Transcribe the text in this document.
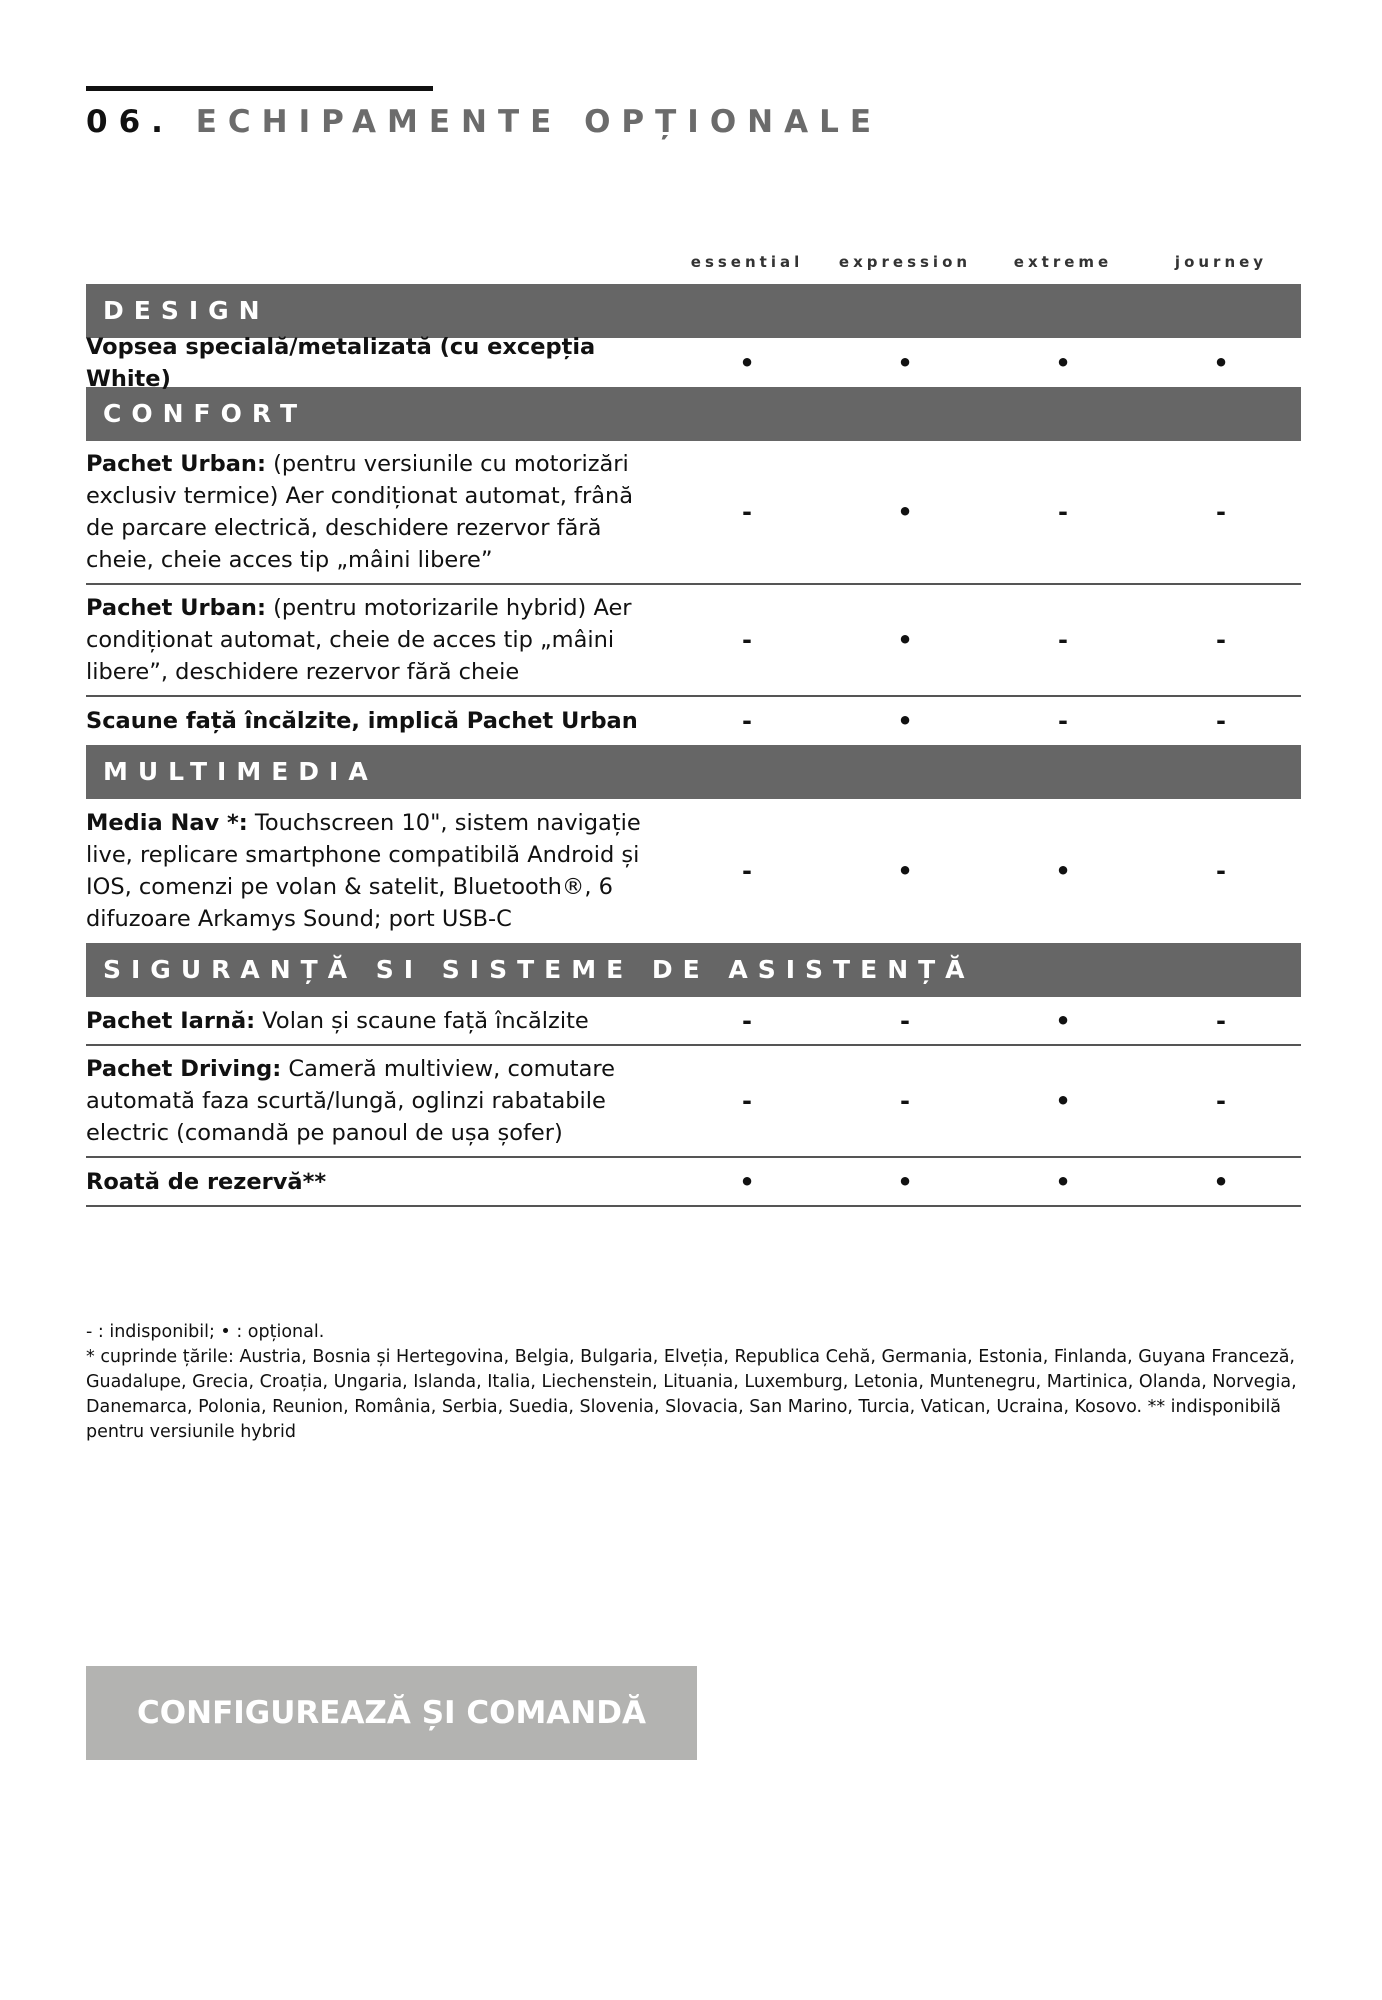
06. ECHIPAMENTE OPȚIONALE
essential	expression	extreme	journey
DESIGN
Vopsea specială/metalizată (cu excepția White)
•	•	•	•
CONFORT
Pachet Urban: (pentru versiunile cu motorizări exclusiv termice) Aer condiționat automat, frână de parcare electrică, deschidere rezervor fără cheie, cheie acces tip „mâini libere”
-	•	-	-
Pachet Urban: (pentru motorizarile hybrid) Aer condiționat automat, cheie de acces tip „mâini libere”, deschidere rezervor fără cheie
-	•	-	-
Scaune față încălzite, implică Pachet Urban	-	•	-	-
MULTIMEDIA
Media Nav *: Touchscreen 10", sistem navigație live, replicare smartphone compatibilă Android și IOS, comenzi pe volan & satelit, Bluetooth®, 6 difuzoare Arkamys Sound; port USB-C
-	•	•	-
SIGURANȚĂ SI SISTEME DE ASISTENȚĂ
Pachet Iarnă: Volan și scaune față încălzite	-	-	•	-
Pachet Driving: Cameră multiview, comutare automată faza scurtă/lungă, oglinzi rabatabile electric (comandă pe panoul de ușa șofer)
-	-	•	-
Roată de rezervă**	•	•	•	•
- : indisponibil; • : opțional.
* cuprinde țările: Austria, Bosnia și Hertegovina, Belgia, Bulgaria, Elveția, Republica Cehă, Germania, Estonia, Finlanda, Guyana Franceză, Guadalupe, Grecia, Croația, Ungaria, Islanda, Italia, Liechenstein, Lituania, Luxemburg, Letonia, Muntenegru, Martinica, Olanda, Norvegia, Danemarca, Polonia, Reunion, România, Serbia, Suedia, Slovenia, Slovacia, San Marino, Turcia, Vatican, Ucraina, Kosovo. ** indisponibilă pentru versiunile hybrid
CONFIGUREAZĂ ȘI COMANDĂ
